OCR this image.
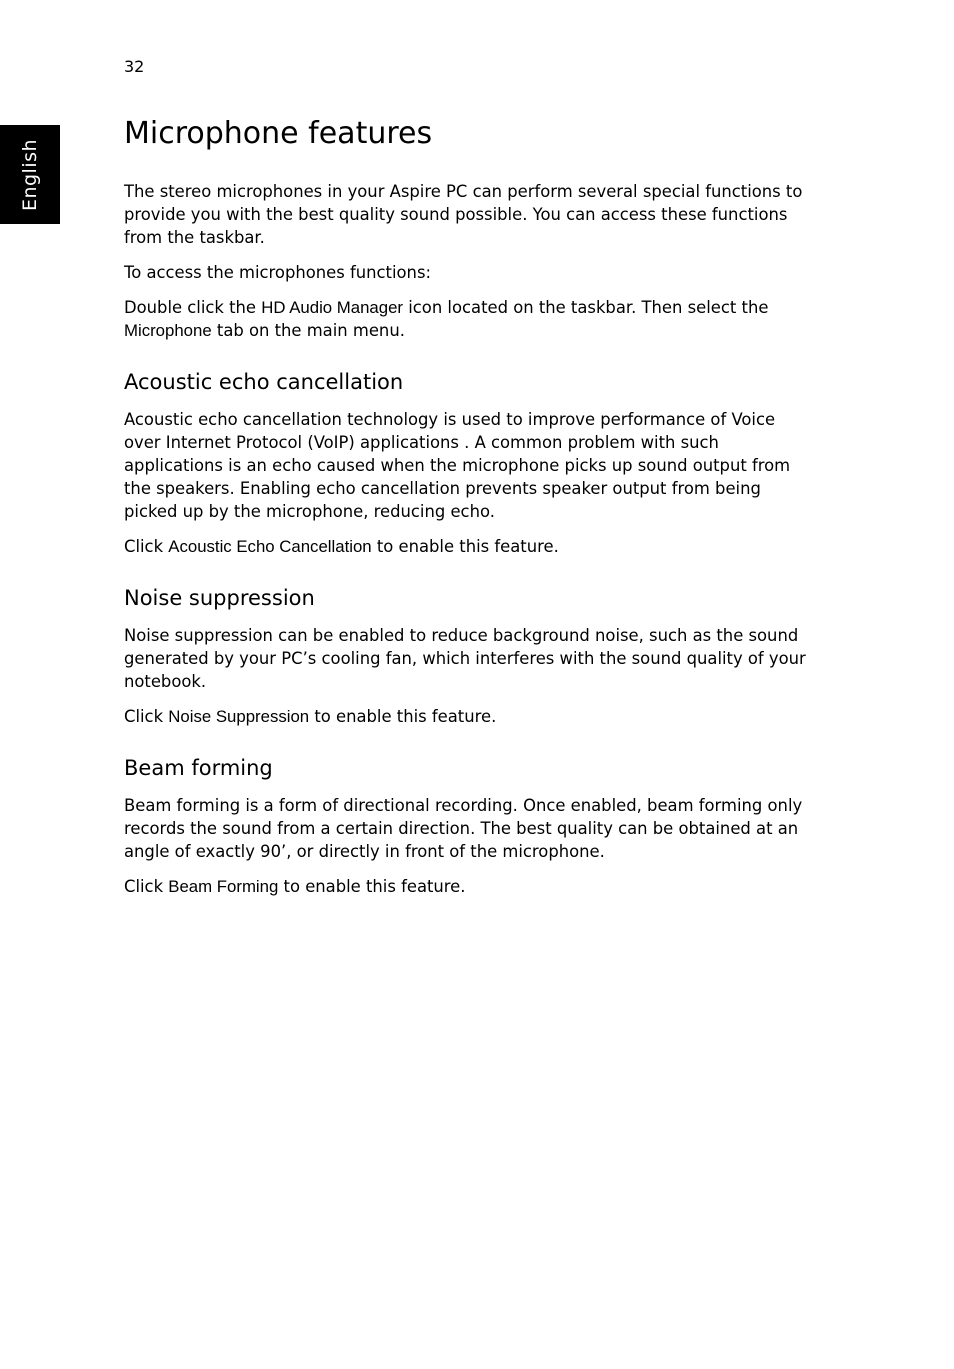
32
English
Microphone features

The stereo microphones in your Aspire PC can perform several special functions to provide you with the best quality sound possible. You can access these functions from the taskbar.

To access the microphones functions:

Double click the HD Audio Manager icon located on the taskbar. Then select the Microphone tab on the main menu.

Acoustic echo cancellation

Acoustic echo cancellation technology is used to improve performance of Voice over Internet Protocol (VoIP) applications . A common problem with such applications is an echo caused when the microphone picks up sound output from the speakers. Enabling echo cancellation prevents speaker output from being picked up by the microphone, reducing echo.

Click Acoustic Echo Cancellation to enable this feature.

Noise suppression

Noise suppression can be enabled to reduce background noise, such as the sound generated by your PC’s cooling fan, which interferes with the sound quality of your notebook.

Click Noise Suppression to enable this feature.

Beam forming

Beam forming is a form of directional recording. Once enabled, beam forming only records the sound from a certain direction. The best quality can be obtained at an angle of exactly 90’, or directly in front of the microphone.

Click Beam Forming to enable this feature.
